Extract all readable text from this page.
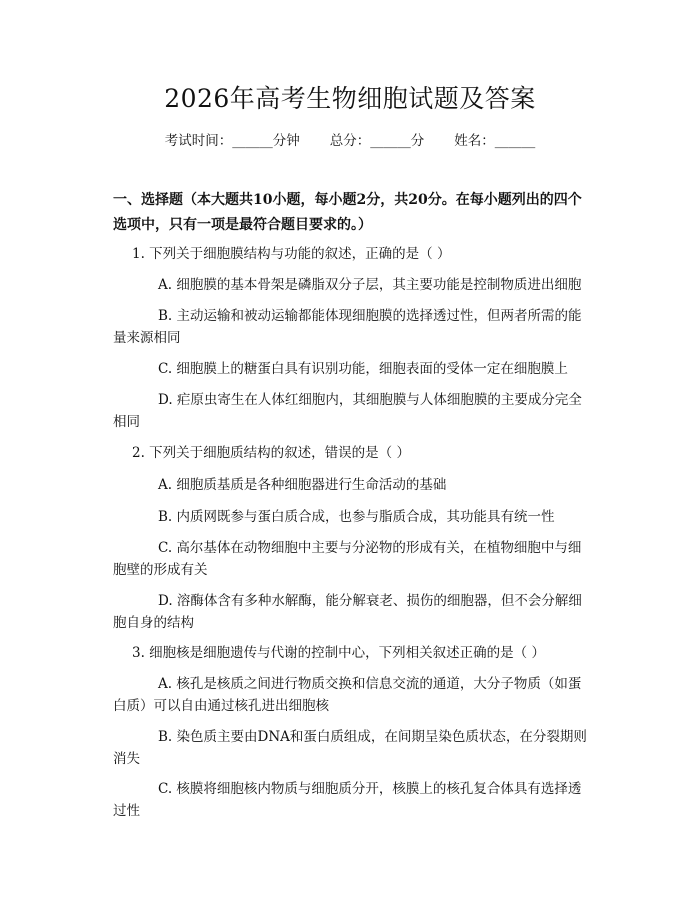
2026年高考生物细胞试题及答案
考试时间：______分钟 总分：______分 姓名：______
一、选择题（本大题共10小题，每小题2分，共20分。在每小题列出的四个选项中，只有一项是最符合题目要求的。）
1. 下列关于细胞膜结构与功能的叙述，正确的是（ ）
A. 细胞膜的基本骨架是磷脂双分子层，其主要功能是控制物质进出细胞
B. 主动运输和被动运输都能体现细胞膜的选择透过性，但两者所需的能量来源相同
C. 细胞膜上的糖蛋白具有识别功能，细胞表面的受体一定在细胞膜上
D. 疟原虫寄生在人体红细胞内，其细胞膜与人体细胞膜的主要成分完全相同
2. 下列关于细胞质结构的叙述，错误的是（ ）
A. 细胞质基质是各种细胞器进行生命活动的基础
B. 内质网既参与蛋白质合成，也参与脂质合成，其功能具有统一性
C. 高尔基体在动物细胞中主要与分泌物的形成有关，在植物细胞中与细胞壁的形成有关
D. 溶酶体含有多种水解酶，能分解衰老、损伤的细胞器，但不会分解细胞自身的结构
3. 细胞核是细胞遗传与代谢的控制中心，下列相关叙述正确的是（ ）
A. 核孔是核质之间进行物质交换和信息交流的通道，大分子物质（如蛋白质）可以自由通过核孔进出细胞核
B. 染色质主要由DNA和蛋白质组成，在间期呈染色质状态，在分裂期则消失
C. 核膜将细胞核内物质与细胞质分开，核膜上的核孔复合体具有选择透过性
